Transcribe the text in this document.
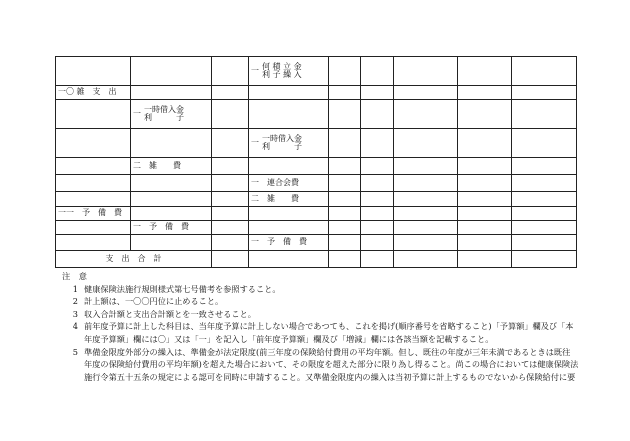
			一 何 積 立 金
利 子 繰 入					

一〇 雑　支　出								

	一 一時借入金
利　　　子							

			一 一時借入金
利　　　子					

	二　雑　　費							
			一　連合会費					
			二　雑　　費					
一一　予　備　費								
	一　予　備　費							
			一　予　備　費					
支　出　合　計								
注 意
1 健康保険法施行規則様式第七号備考を参照すること。
2 計上額は、一〇〇円位に止めること。
3 収入合計額と支出合計額とを一致させること。
4 前年度予算に計上した科目は、当年度予算に計上しない場合であつても、これを掲げ(順序番号を省略すること)「予算額」欄及び「本
年度予算額」欄には〇」又は「一」を記入し「前年度予算額」欄及び「増減」欄には各該当額を記載すること。
5 準備金限度外部分の繰入は、準備金が法定限度(前三年度の保険給付費用の平均年額。但し、既往の年度が三年未満であるときは既往
年度の保険給付費用の平均年額)を超えた場合において、その限度を超えた部分に限り為し得ること。尚この場合においては健康保険法
施行令第五十五条の規定による認可を同時に申請すること。又準備金限度内の繰入は当初予算に計上するものでないから保険給付に要
